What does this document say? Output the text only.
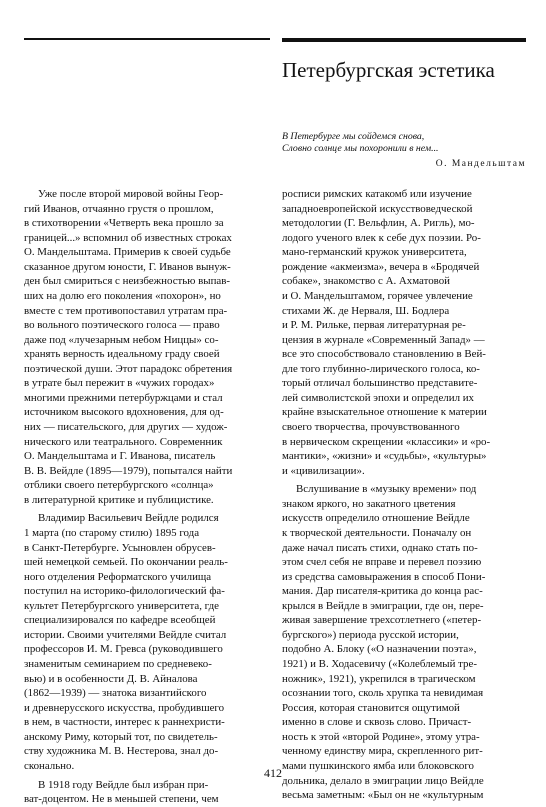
Петербургская эстетика
В Петербурге мы сойдемся снова,
Словно солнце мы похоронили в нем...
О. Мандельштам
Уже после второй мировой войны Геор-
гий Иванов, отчаянно грустя о прошлом,
в стихотворении «Четверть века прошло за
границей...» вспомнил об известных строках
О. Мандельштама. Примерив к своей судьбе
сказанное другом юности, Г. Иванов вынуж-
ден был смириться с неизбежностью выпав-
ших на долю его поколения «похорон», но
вместе с тем противопоставил утратам пра-
во вольного поэтического голоса — право
даже под «лучезарным небом Ниццы» со-
хранять верность идеальному граду своей
поэтической души. Этот парадокс обретения
в утрате был пережит в «чужих городах»
многими прежними петербуржцами и стал
источником высокого вдохновения, для од-
них — писательского, для других — худож-
нического или театрального. Современник
О. Мандельштама и Г. Иванова, писатель
В. В. Вейдле (1895—1979), попытался найти
отблики своего петербургского «солнца»
в литературной критике и публицистике.
Владимир Васильевич Вейдле родился
1 марта (по старому стилю) 1895 года
в Санкт-Петербурге. Усыновлен обрусев-
шей немецкой семьей. По окончании реаль-
ного отделения Реформатского училища
поступил на историко-филологический фа-
культет Петербургского университета, где
специализировался по кафедре всеобщей
истории. Своими учителями Вейдле считал
профессоров И. М. Гревса (руководившего
знаменитым семинарием по средневеко-
вью) и в особенности Д. В. Айналова
(1862—1939) — знатока византийского
и древнерусского искусства, пробудившего
в нем, в частности, интерес к раннехристи-
анскому Риму, который тот, по свидетель-
ству художника М. В. Нестерова, знал до-
сконально.
В 1918 году Вейдле был избран при-
ват-доцентом. Не в меньшей степени, чем
росписи римских катакомб или изучение
западноевропейской искусствоведческой
методологии (Г. Вельфлин, А. Ригль), мо-
лодого ученого влек к себе дух поэзии. Ро-
мано-германский кружок университета,
рождение «акмеизма», вечера в «Бродячей
собаке», знакомство с А. Ахматовой
и О. Мандельштамом, горячее увлечение
стихами Ж. де Нерваля, Ш. Бодлера
и Р. М. Рильке, первая литературная ре-
цензия в журнале «Современный Запад» —
все это способствовало становлению в Вей-
дле того глубинно-лирического голоса, ко-
торый отличал большинство представите-
лей символистской эпохи и определил их
крайне взыскательное отношение к материи
своего творчества, прочувствованного
в нервическом скрещении «классики» и «ро-
мантики», «жизни» и «судьбы», «культуры»
и «цивилизации».
Вслушивание в «музыку времени» под
знаком яркого, но закатного цветения
искусств определило отношение Вейдле
к творческой деятельности. Поначалу он
даже начал писать стихи, однако стать по-
этом счел себя не вправе и перевел поэзию
из средства самовыражения в способ Пони-
мания. Дар писателя-критика до конца рас-
крылся в Вейдле в эмиграции, где он, пере-
живая завершение трехсотлетнего («петер-
бургского») периода русской истории,
подобно А. Блоку («О назначении поэта»,
1921) и В. Ходасевичу («Колеблемый тре-
ножник», 1921), укрепился в трагическом
осознании того, сколь хрупка та невидимая
Россия, которая становится ощутимой
именно в слове и сквозь слово. Причаст-
ность к этой «второй Родине», этому утра-
ченному единству мира, скрепленного рит-
мами пушкинского ямба или блоковского
дольника, делало в эмиграции лицо Вейдле
весьма заметным: «Был он не «культурным
412
